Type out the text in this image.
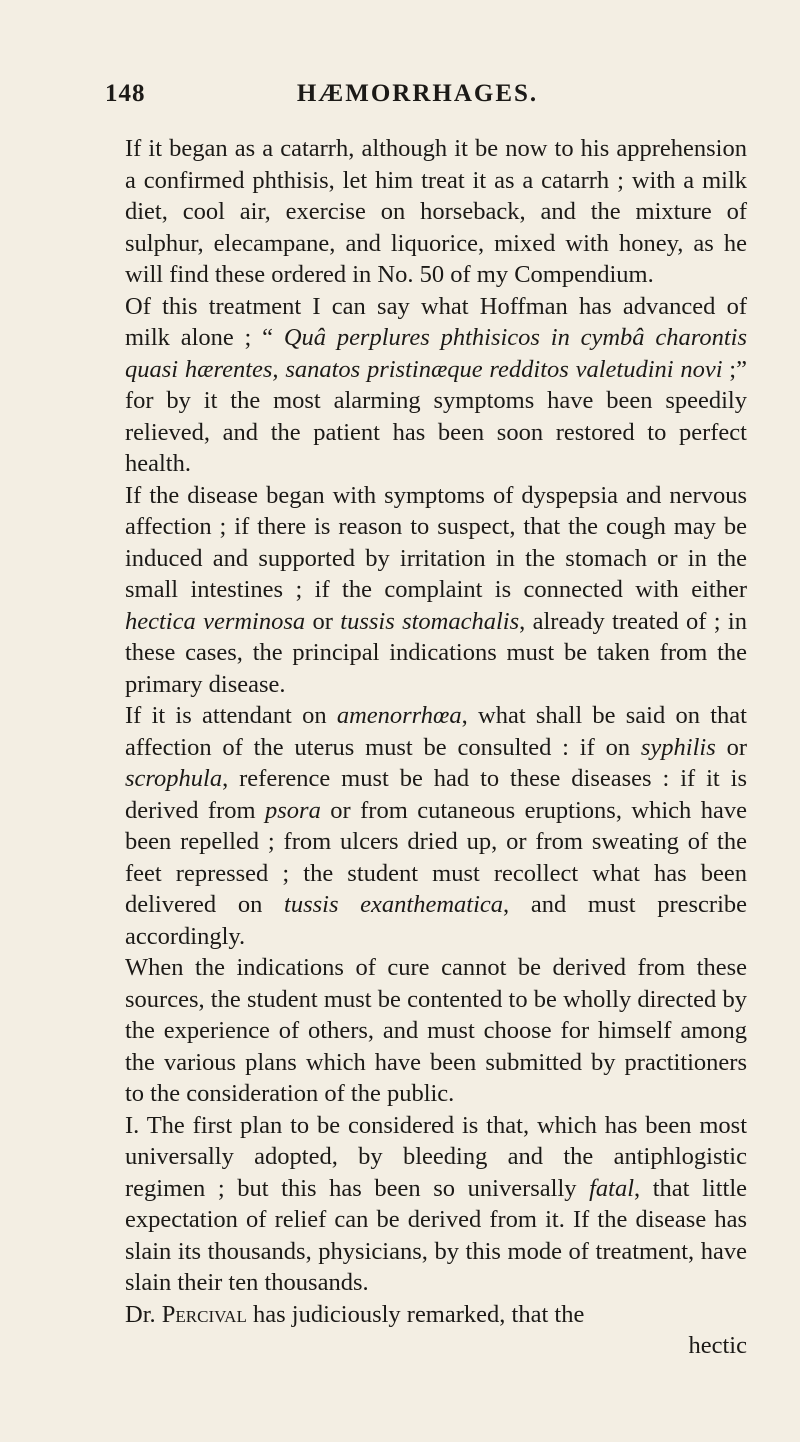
148	HÆMORRHAGES.

If it began as a catarrh, although it be now to his apprehension a confirmed phthisis, let him treat it as a catarrh ; with a milk diet, cool air, exercise on horseback, and the mixture of sulphur, elecampane, and liquorice, mixed with honey, as he will find these ordered in No. 50 of my Compendium.

Of this treatment I can say what Hoffman has advanced of milk alone ; “ Quâ perplures phthisicos in cymbâ charontis quasi hærentes, sanatos pristinæque redditos valetudini novi ;” for by it the most alarming symptoms have been speedily relieved, and the patient has been soon restored to perfect health.

If the disease began with symptoms of dyspepsia and nervous affection ; if there is reason to suspect, that the cough may be induced and supported by irritation in the stomach or in the small intestines ; if the complaint is connected with either hectica verminosa or tussis stomachalis, already treated of ; in these cases, the principal indications must be taken from the primary disease.

If it is attendant on amenorrhœa, what shall be said on that affection of the uterus must be consulted : if on syphilis or scrophula, reference must be had to these diseases : if it is derived from psora or from cutaneous eruptions, which have been repelled ; from ulcers dried up, or from sweating of the feet repressed ; the student must recollect what has been delivered on tussis exanthematica, and must prescribe accordingly.

When the indications of cure cannot be derived from these sources, the student must be contented to be wholly directed by the experience of others, and must choose for himself among the various plans which have been submitted by practitioners to the consideration of the public.

I. The first plan to be considered is that, which has been most universally adopted, by bleeding and the antiphlogistic regimen ; but this has been so universally fatal, that little expectation of relief can be derived from it. If the disease has slain its thousands, physicians, by this mode of treatment, have slain their ten thousands.

Dr. Percival has judiciously remarked, that the

hectic
